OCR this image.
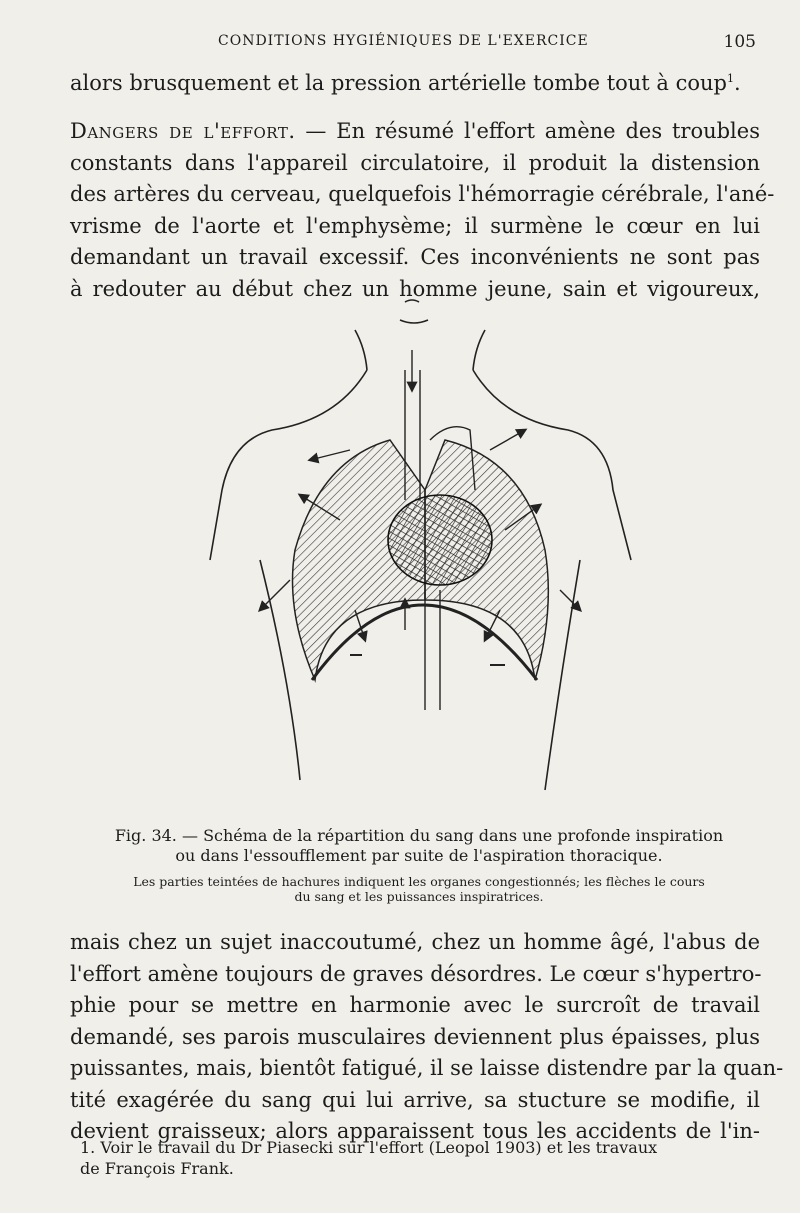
CONDITIONS HYGIÉNIQUES DE L'EXERCICE	105
alors brusquement et la pression artérielle tombe tout à coup$^1$.
Dangers de l'effort. — En résumé l'effort amène des troubles
constants dans l'appareil circulatoire, il produit la distension
des artères du cerveau, quelquefois l'hémorragie cérébrale, l'ané-
vrisme de l'aorte et l'emphysème; il surmène le cœur en lui
demandant un travail excessif. Ces inconvénients ne sont pas
à redouter au début chez un homme jeune, sain et vigoureux,
Fig. 34. — Schéma de la répartition du sang dans une profonde inspiration
ou dans l'essoufflement par suite de l'aspiration thoracique.
Les parties teintées de hachures indiquent les organes congestionnés; les flèches le cours
du sang et les puissances inspiratrices.
mais chez un sujet inaccoutumé, chez un homme âgé, l'abus de
l'effort amène toujours de graves désordres. Le cœur s'hypertro-
phie pour se mettre en harmonie avec le surcroît de travail
demandé, ses parois musculaires deviennent plus épaisses, plus
puissantes, mais, bientôt fatigué, il se laisse distendre par la quan-
tité exagérée du sang qui lui arrive, sa stucture se modifie, il
devient graisseux; alors apparaissent tous les accidents de l'in-
1. Voir le travail du Dr Piasecki sur l'effort (Leopol 1903) et les travaux
de François Frank.
